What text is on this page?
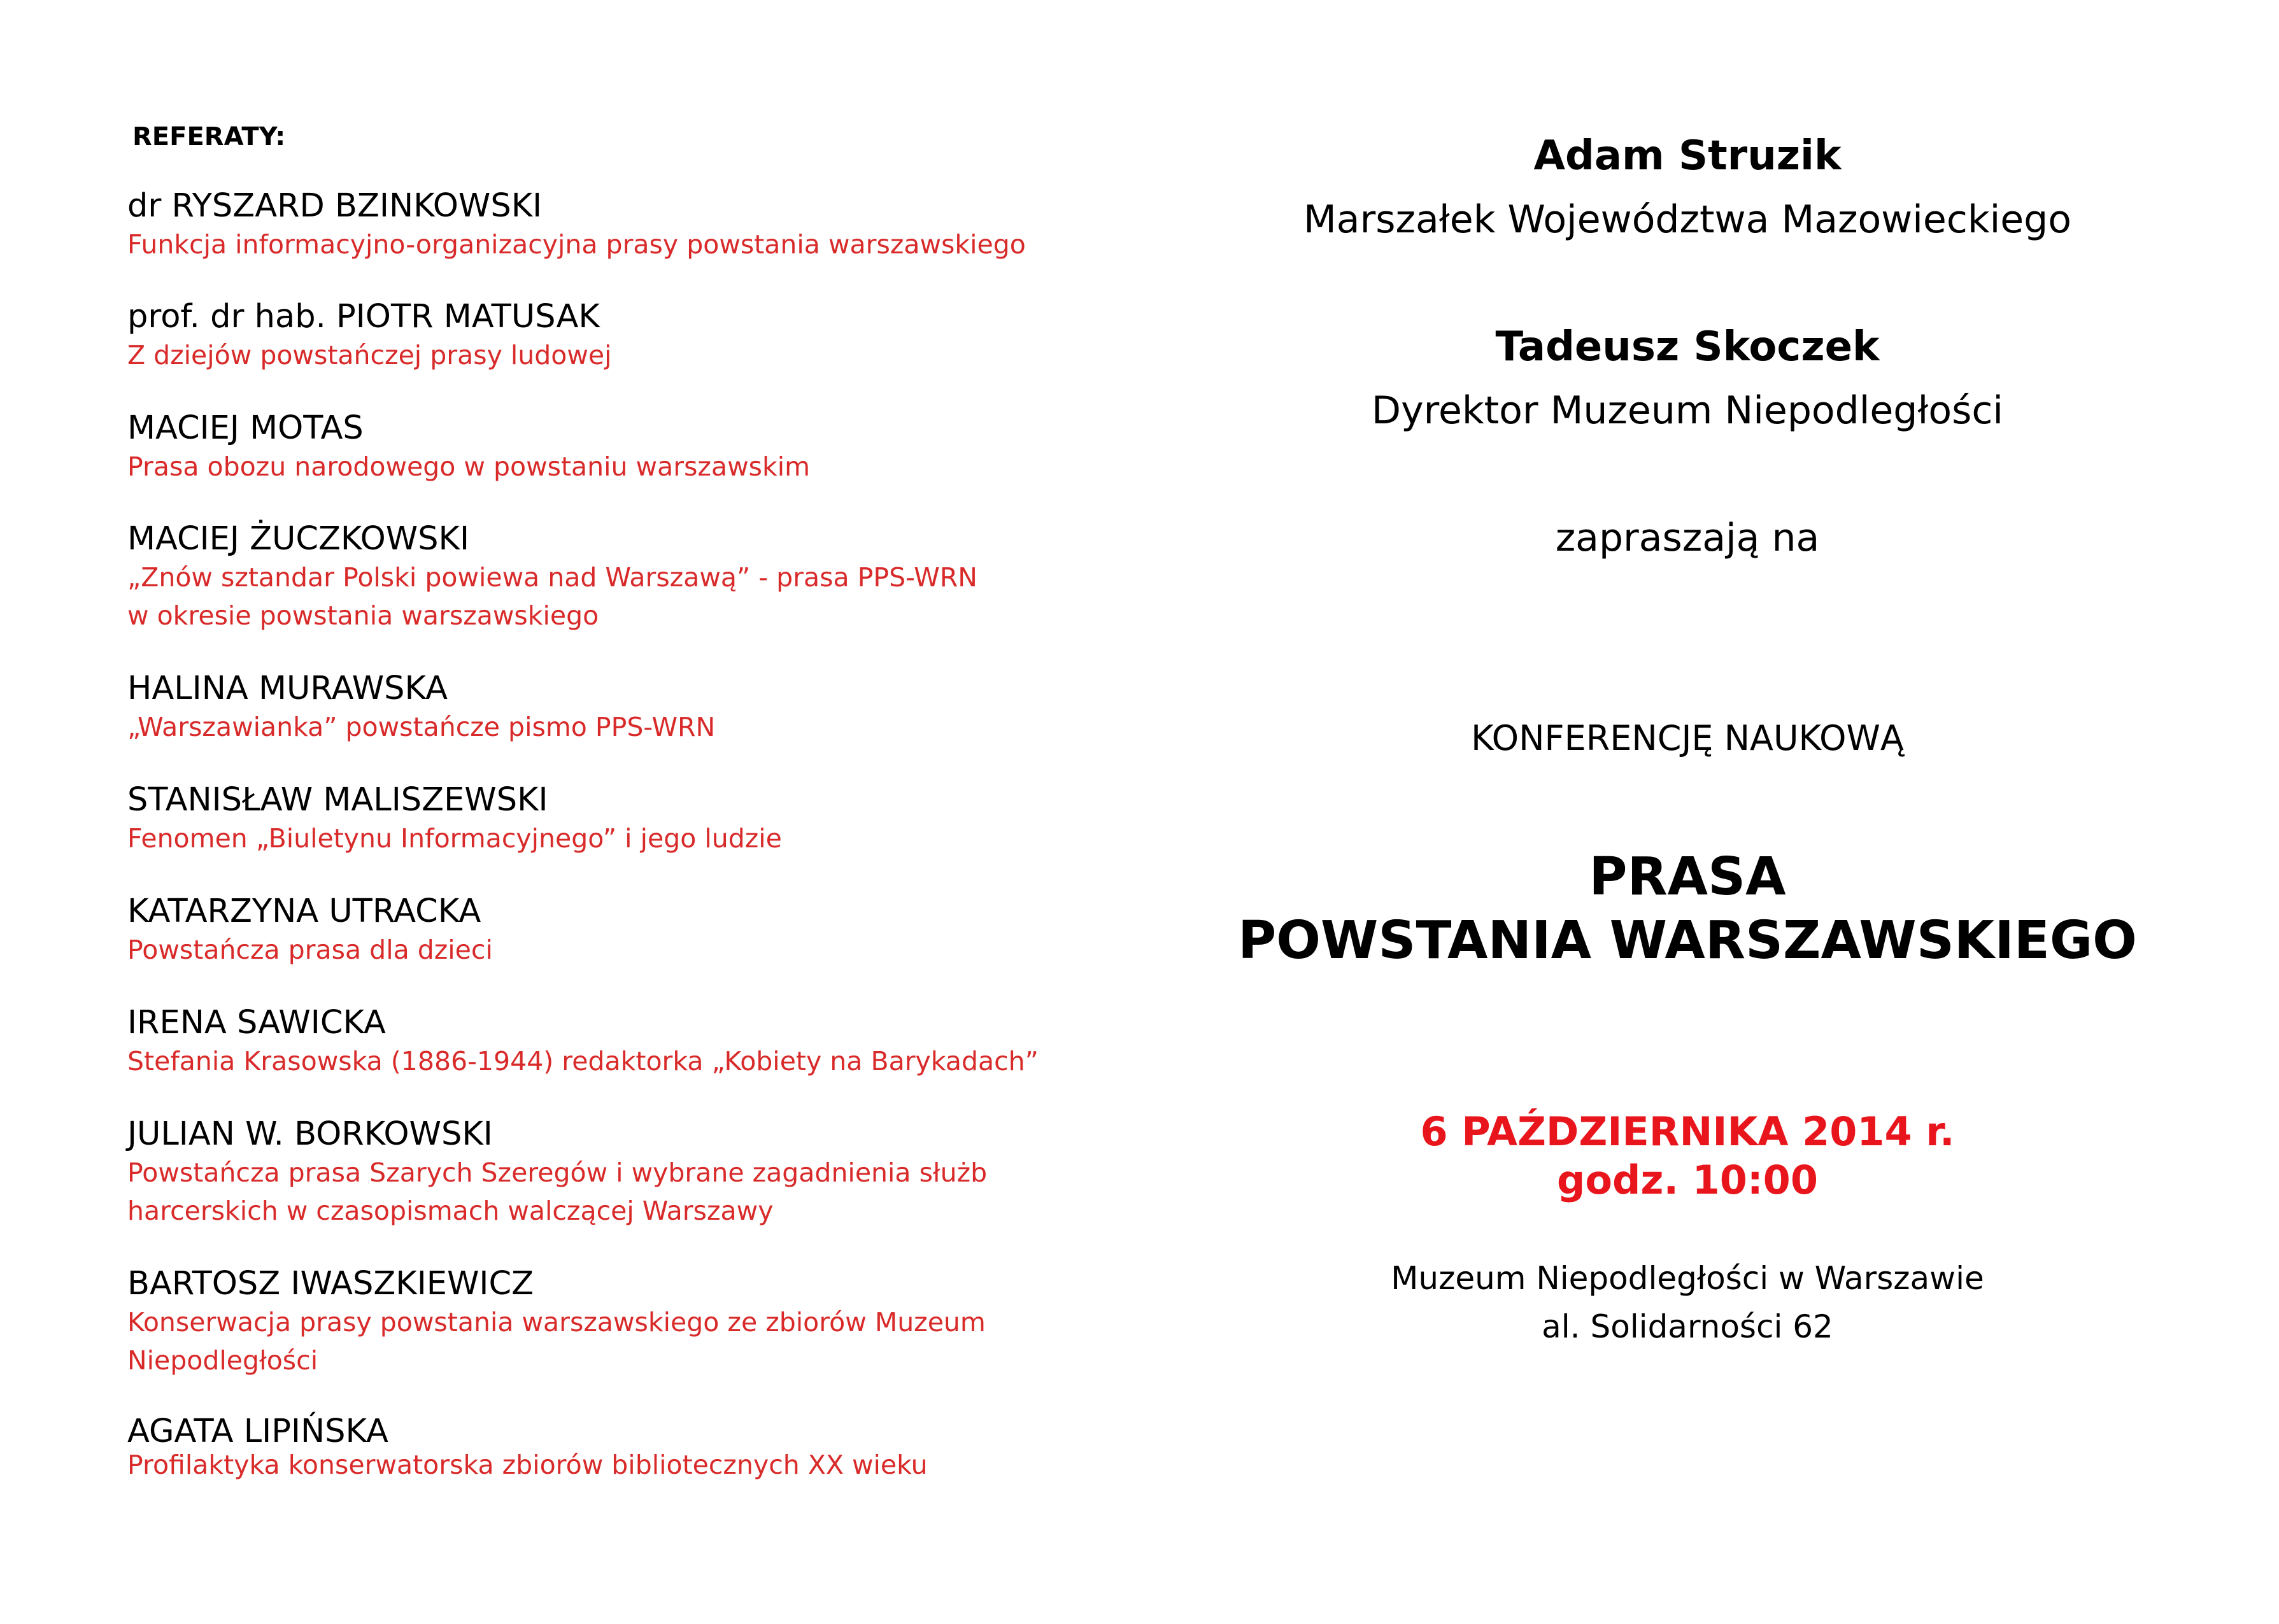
REFERATY:
dr RYSZARD BZINKOWSKI
Funkcja informacyjno-organizacyjna prasy powstania warszawskiego
prof. dr hab. PIOTR MATUSAK
Z dziejów powstańczej prasy ludowej
MACIEJ MOTAS
Prasa obozu narodowego w powstaniu warszawskim
MACIEJ ŻUCZKOWSKI
„Znów sztandar Polski powiewa nad Warszawą” - prasa PPS-WRN
w okresie powstania warszawskiego
HALINA MURAWSKA
„Warszawianka” powstańcze pismo PPS-WRN
STANISŁAW MALISZEWSKI
Fenomen „Biuletynu Informacyjnego” i jego ludzie
KATARZYNA UTRACKA
Powstańcza prasa dla dzieci
IRENA SAWICKA
Stefania Krasowska (1886-1944) redaktorka „Kobiety na Barykadach”
JULIAN W. BORKOWSKI
Powstańcza prasa Szarych Szeregów i wybrane zagadnienia służb
harcerskich w czasopismach walczącej Warszawy
BARTOSZ IWASZKIEWICZ
Konserwacja prasy powstania warszawskiego ze zbiorów Muzeum
Niepodległości
AGATA LIPIŃSKA
Profilaktyka konserwatorska zbiorów bibliotecznych XX wieku
Adam Struzik
Marszałek Województwa Mazowieckiego
Tadeusz Skoczek
Dyrektor Muzeum Niepodległości
zapraszają na
KONFERENCJĘ NAUKOWĄ
PRASA
POWSTANIA WARSZAWSKIEGO
6 PAŹDZIERNIKA 2014 r.
godz. 10:00
Muzeum Niepodległości w Warszawie
al. Solidarności 62
